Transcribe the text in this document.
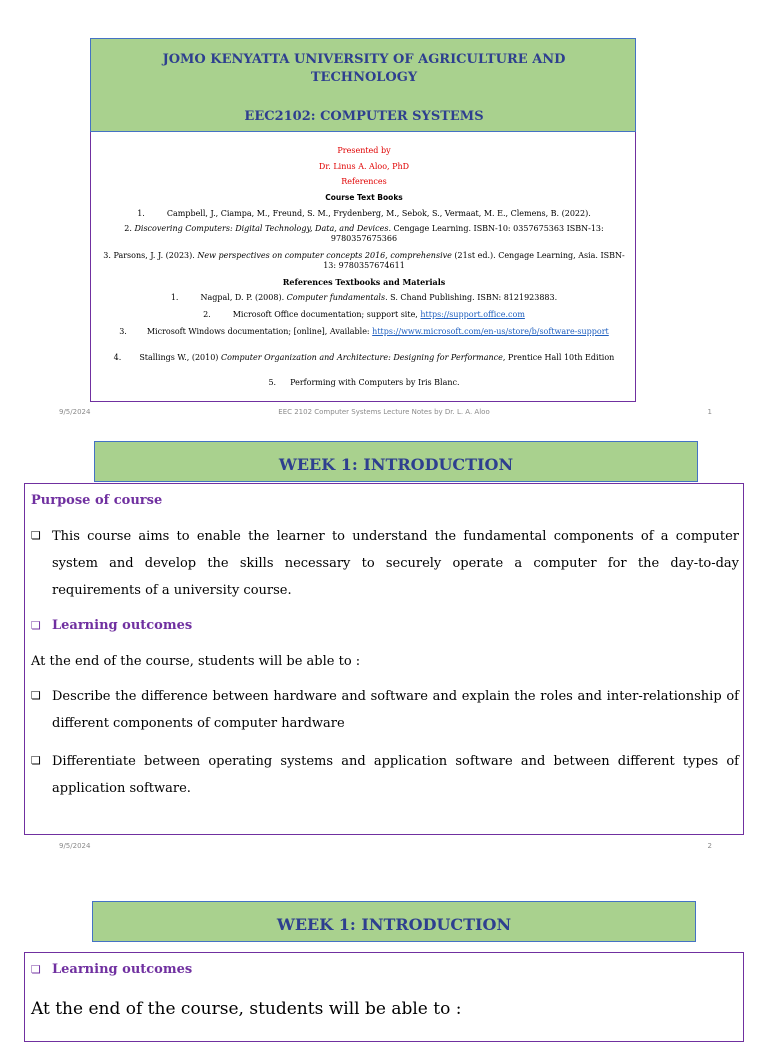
JOMO KENYATTA UNIVERSITY OF AGRICULTURE AND TECHNOLOGY
EEC2102: COMPUTER SYSTEMS
Presented by
Dr. Linus A. Aloo, PhD
References
Course Text Books
1.	Campbell, J., Ciampa, M., Freund, S. M., Frydenberg, M., Sebok, S., Vermaat, M. E., Clemens, B. (2022).
2. Discovering Computers: Digital Technology, Data, and Devices. Cengage Learning. ISBN-10: 0357675363 ISBN-13: 9780357675366
3. Parsons, J. J. (2023). New perspectives on computer concepts 2016, comprehensive (21st ed.). Cengage Learning, Asia. ISBN-13: 9780357674611
References Textbooks and Materials
1.	Nagpal, D. P. (2008). Computer fundamentals. S. Chand Publishing. ISBN: 8121923883.
2.	Microsoft Office documentation; support site, https://support.office.com
3.	Microsoft Windows documentation; [online], Available: https://www.microsoft.com/en-us/store/b/software-support
4. Stallings W., (2010) Computer Organization and Architecture: Designing for Performance, Prentice Hall 10th Edition
5. Performing with Computers by Iris Blanc.
9/5/2024	EEC 2102 Computer Systems Lecture Notes by Dr. L. A. Aloo	1
WEEK 1: INTRODUCTION
Purpose of course
❏ This course aims to enable the learner to understand the fundamental components of a computer system and develop the skills necessary to securely operate a computer for the day-to-day requirements of a university course.
❏ Learning outcomes
At the end of the course, students will be able to :
❏ Describe the difference between hardware and software and explain the roles and inter-relationship of different components of computer hardware
❏ Differentiate between operating systems and application software and between different types of application software.
9/5/2024	2
WEEK 1: INTRODUCTION
❏ Learning outcomes
At the end of the course, students will be able to :
